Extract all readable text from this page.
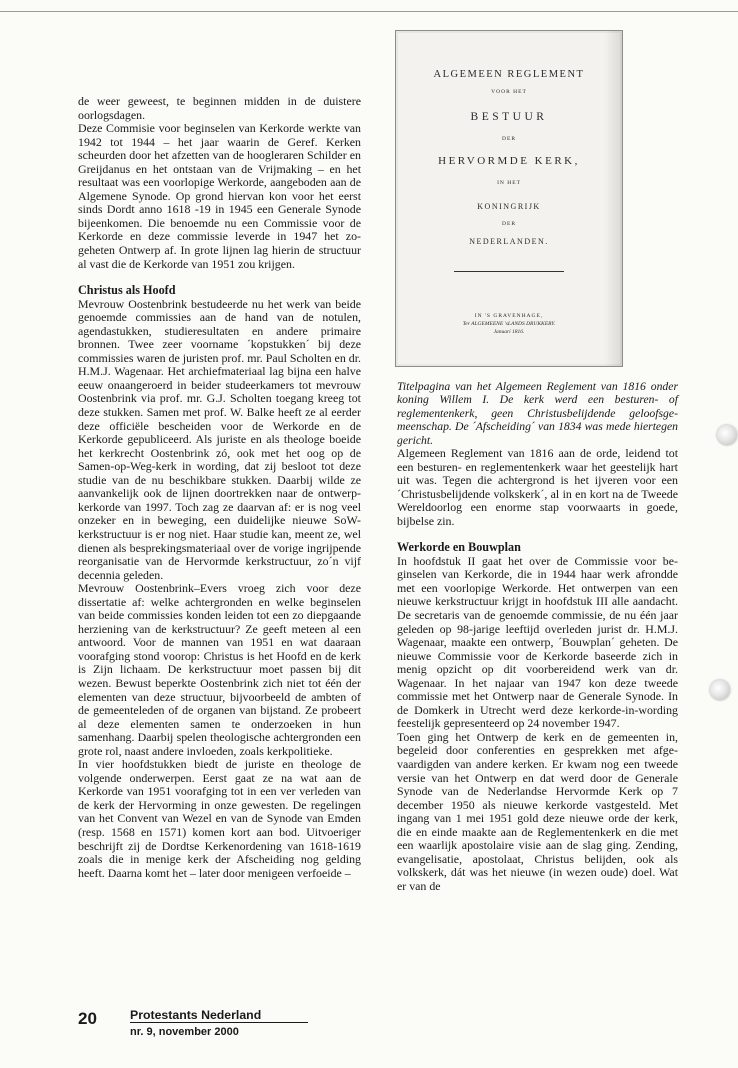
de weer geweest, te beginnen midden in de duisterе oorlogsdagen.

Deze Commisie voor beginselen van Kerkorde werkte van 1942 tot 1944 – het jaar waarin de Geref. Kerken scheurden door het afzetten van de hoogleraren Schilder en Greijdanus en het ontstaan van de Vrijmaking – en het resultaat was een voorlopige Werkorde, aangeboden aan de Algemene Synode. Op grond hiervan kon voor het eerst sinds Dordt anno 1618 -19 in 1945 een Generale Synode bijeenkomen. Die benoemde nu een Commissie voor de Kerkorde en deze commissie leverde in 1947 het zogeheten Ontwerp af. In grote lijnen lag hierin de structuur al vast die de Kerkorde van 1951 zou krijgen.

Christus als Hoofd

Mevrouw Oostenbrink bestudeerde nu het werk van beide genoemde commissies aan de hand van de notulen, agendastukken, studieresultaten en andere primaire bronnen. Twee zeer voorname ´kopstukken´ bij deze commissies waren de juristen prof. mr. Paul Scholten en dr. H.M.J. Wagenaar. Het archiefmateriaal lag bijna een halve eeuw onaangeroerd in beider studeerkamers tot mevrouw Oostenbrink via prof. mr. G.J. Scholten toegang kreeg tot deze stukken. Samen met prof. W. Balke heeft ze al eerder deze officiële bescheiden voor de Werkorde en de Kerkorde gepubliceerd. Als juriste en als theologe boeide het kerkrecht Oostenbrink zó, ook met het oog op de Samen-op-Weg-kerk in wording, dat zij besloot tot deze studie van de nu beschikbare stukken. Daarbij wilde ze aanvankelijk ook de lijnen doortrekken naar de ontwerp-kerkorde van 1997. Toch zag ze daarvan af: er is nog veel onzeker en in beweging, een duidelijke nieuwe SoW-kerkstructuur is er nog niet. Haar studie kan, meent ze, wel dienen als besprekingsmateriaal over de vorige ingrijpende reorganisatie van de Hervormde kerkstructuur, zo´n vijf decennia geleden.

Mevrouw Oostenbrink–Evers vroeg zich voor deze dissertatie af: welke achtergronden en welke beginselen van beide commissies konden leiden tot een zo diepgaande herziening van de kerkstructuur? Ze geeft meteen al een antwoord. Voor de mannen van 1951 en wat daaraan voorafging stond voorop: Christus is het Hoofd en de kerk is Zijn lichaam. De kerkstructuur moet passen bij dit wezen. Bewust beperkte Oostenbrink zich niet tot één der elementen van deze structuur, bijvoorbeeld de ambten of de gemeenteleden of de organen van bijstand. Ze probeert al deze elementen samen te onderzoeken in hun samenhang. Daarbij spelen theologische achtergronden een grote rol, naast andere invloeden, zoals kerkpolitieke.

In vier hoofdstukken biedt de juriste en theologe de volgende onderwerpen. Eerst gaat ze na wat aan de Kerkorde van 1951 voorafging tot in een ver verleden van de kerk der Hervorming in onze gewesten. De regelingen van het Convent van Wezel en van de Synode van Emden (resp. 1568 en 1571) komen kort aan bod. Uitvoeriger beschrijft zij de Dordtse Kerkenordening van 1618-1619 zoals die in menige kerk der Afscheiding nog gelding heeft. Daarna komt het – later door menigeen verfoeide –

ALGEMEEN REGLEMENT
VOOR HET
BESTUUR
DER
HERVORMDE KERK,
IN HET
KONINGRIJK
DER
NEDERLANDEN.
IN 'S GRAVENHAGE,
Ter ALGEMEENE 'sLANDS DRUKKERY.
Januari 1816.

Titelpagina van het Algemeen Reglement van 1816 onder koning Willem I. De kerk werd een besturen- of reglementenkerk, geen Christusbelijdende geloofsgemeenschap. De ´Afscheiding´ van 1834 was mede hiertegen gericht.

Algemeen Reglement van 1816 aan de orde, leidend tot een besturen- en reglementenkerk waar het geestelijk hart uit was. Tegen die achtergrond is het ijveren voor een ´Christusbelijdende volkskerk´, al in en kort na de Tweede Wereldoorlog een enorme stap voorwaarts in goede, bijbelse zin.

Werkorde en Bouwplan

In hoofdstuk II gaat het over de Commissie voor beginselen van Kerkorde, die in 1944 haar werk afrondde met een voorlopige Werkorde. Het ontwerpen van een nieuwe kerkstructuur krijgt in hoofdstuk III alle aandacht. De secretaris van de genoemde commissie, de nu één jaar geleden op 98-jarige leeftijd overleden jurist dr. H.M.J. Wagenaar, maakte een ontwerp, ´Bouwplan´ geheten. De nieuwe Commissie voor de Kerkorde baseerde zich in menig opzicht op dit voorbereidend werk van dr. Wagenaar. In het najaar van 1947 kon deze tweede commissie met het Ontwerp naar de Generale Synode. In de Domkerk in Utrecht werd deze kerkorde-in-wording feestelijk gepresenteerd op 24 november 1947.

Toen ging het Ontwerp de kerk en de gemeenten in, begeleid door conferenties en gesprekken met afgevaardigden van andere kerken. Er kwam nog een tweede versie van het Ontwerp en dat werd door de Generale Synode van de Nederlandse Hervormde Kerk op 7 december 1950 als nieuwe kerkorde vastgesteld. Met ingang van 1 mei 1951 gold deze nieuwe orde der kerk, die en einde maakte aan de Reglementenkerk en die met een waarlijk apostolaire visie aan de slag ging. Zending, evangelisatie, apostolaat, Christus belijden, ook als volkskerk, dát was het nieuwe (in wezen oude) doel. Wat er van de

20	Protestants Nederland
nr. 9, november 2000
